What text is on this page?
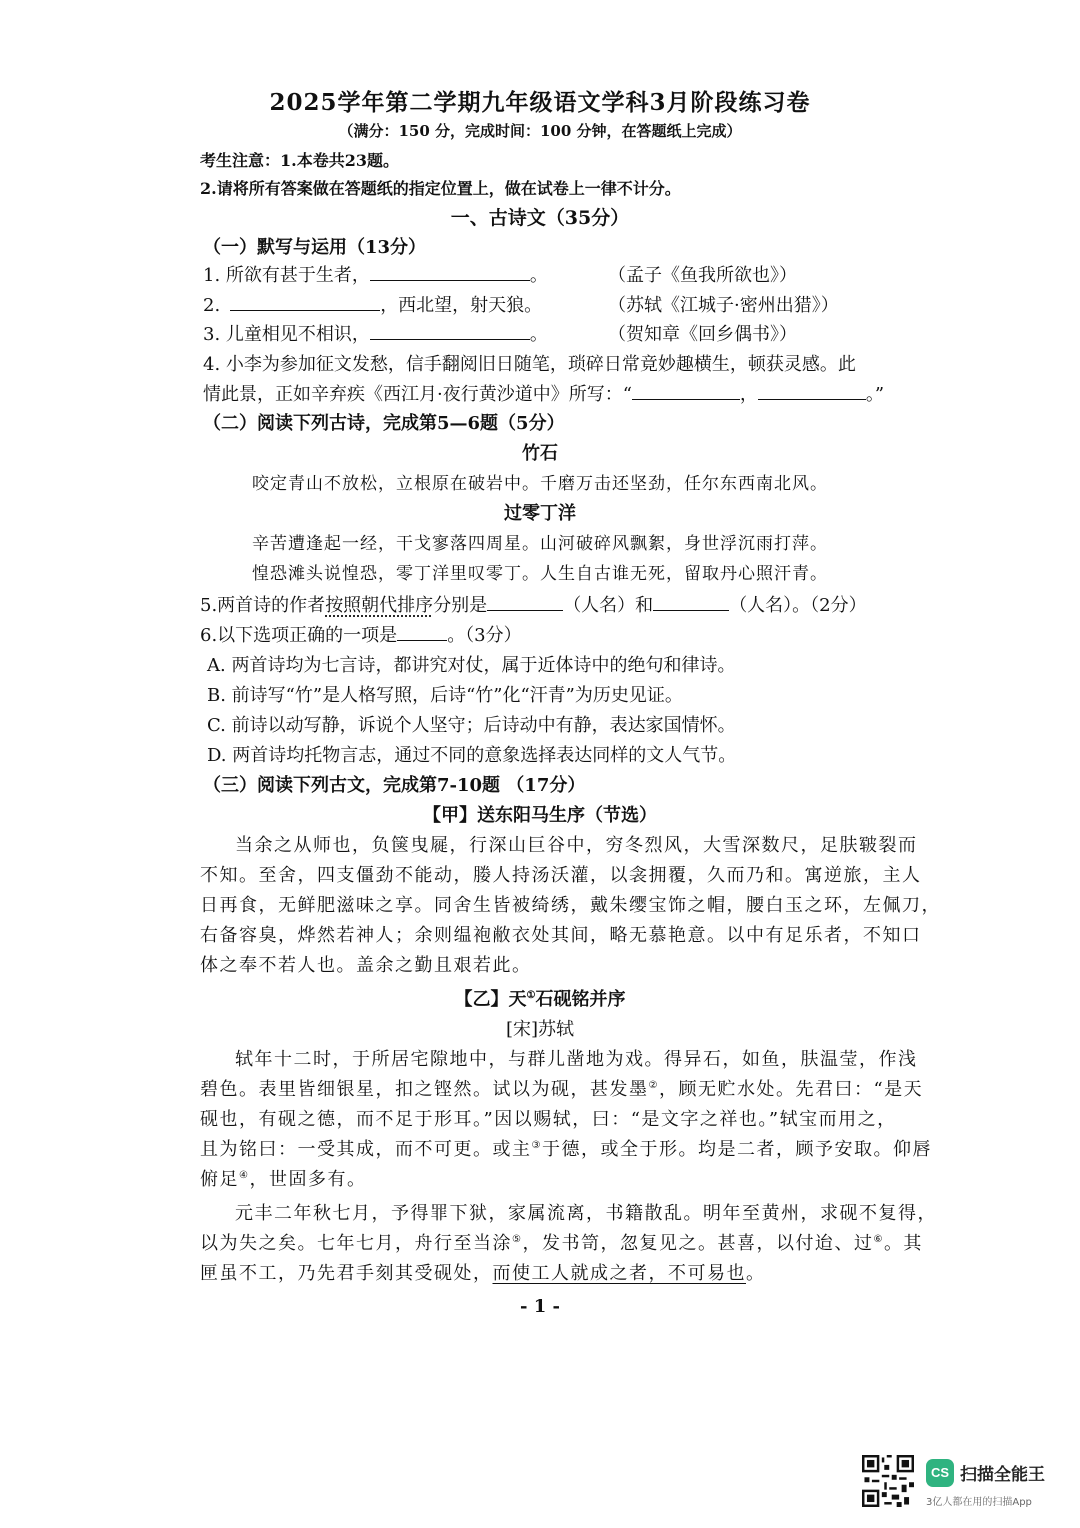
2025学年第二学期九年级语文学科3月阶段练习卷
（满分：150 分，完成时间：100 分钟，在答题纸上完成）
考生注意：1.本卷共23题。
2.请将所有答案做在答题纸的指定位置上，做在试卷上一律不计分。
一、古诗文（35分）
（一）默写与运用（13分）
1. 所欲有甚于生者，	。	（孟子《鱼我所欲也》）
2.	，西北望，射天狼。	（苏轼《江城子·密州出猎》）
3. 儿童相见不相识，	。	（贺知章《回乡偶书》）
4. 小李为参加征文发愁，信手翻阅旧日随笔，琐碎日常竟妙趣横生，顿获灵感。此
情此景，正如辛弃疾《西江月·夜行黄沙道中》所写：“	，	。”
（二）阅读下列古诗，完成第5—6题（5分）
竹石
咬定青山不放松，立根原在破岩中。千磨万击还坚劲，任尔东西南北风。
过零丁洋
辛苦遭逢起一经，干戈寥落四周星。山河破碎风飘絮，身世浮沉雨打萍。
惶恐滩头说惶恐，零丁洋里叹零丁。人生自古谁无死，留取丹心照汗青。
5.两首诗的作者按照朝代排序分别是	（人名）和	（人名）。（2分）
6.以下选项正确的一项是	。（3分）
A. 两首诗均为七言诗，都讲究对仗，属于近体诗中的绝句和律诗。
B. 前诗写“竹”是人格写照，后诗“竹”化“汗青”为历史见证。
C. 前诗以动写静，诉说个人坚守；后诗动中有静，表达家国情怀。
D. 两首诗均托物言志，通过不同的意象选择表达同样的文人气节。
（三）阅读下列古文，完成第7-10题 （17分）
【甲】送东阳马生序（节选）
当余之从师也，负箧曳屣，行深山巨谷中，穷冬烈风，大雪深数尺，足肤皲裂而
不知。至舍，四支僵劲不能动，媵人持汤沃灌，以衾拥覆，久而乃和。寓逆旅，主人
日再食，无鲜肥滋味之享。同舍生皆被绮绣，戴朱缨宝饰之帽，腰白玉之环，左佩刀，
右备容臭，烨然若神人；余则缊袍敝衣处其间，略无慕艳意。以中有足乐者，不知口
体之奉不若人也。盖余之勤且艰若此。
【乙】天①石砚铭并序
[宋]苏轼
轼年十二时，于所居宅隙地中，与群儿凿地为戏。得异石，如鱼，肤温莹，作浅
碧色。表里皆细银星，扣之铿然。试以为砚，甚发墨②，顾无贮水处。先君曰：“是天
砚也，有砚之德，而不足于形耳。”因以赐轼，曰：“是文字之祥也。”轼宝而用之，
且为铭曰：一受其成，而不可更。或主③于德，或全于形。均是二者，顾予安取。仰唇
俯足④，世固多有。
元丰二年秋七月，予得罪下狱，家属流离，书籍散乱。明年至黄州，求砚不复得，
以为失之矣。七年七月，舟行至当涂⑤，发书笥，忽复见之。甚喜，以付迨、过⑥。其
匣虽不工，乃先君手刻其受砚处，而使工人就成之者，不可易也。
- 1 -
CS 扫描全能王
3亿人都在用的扫描App
